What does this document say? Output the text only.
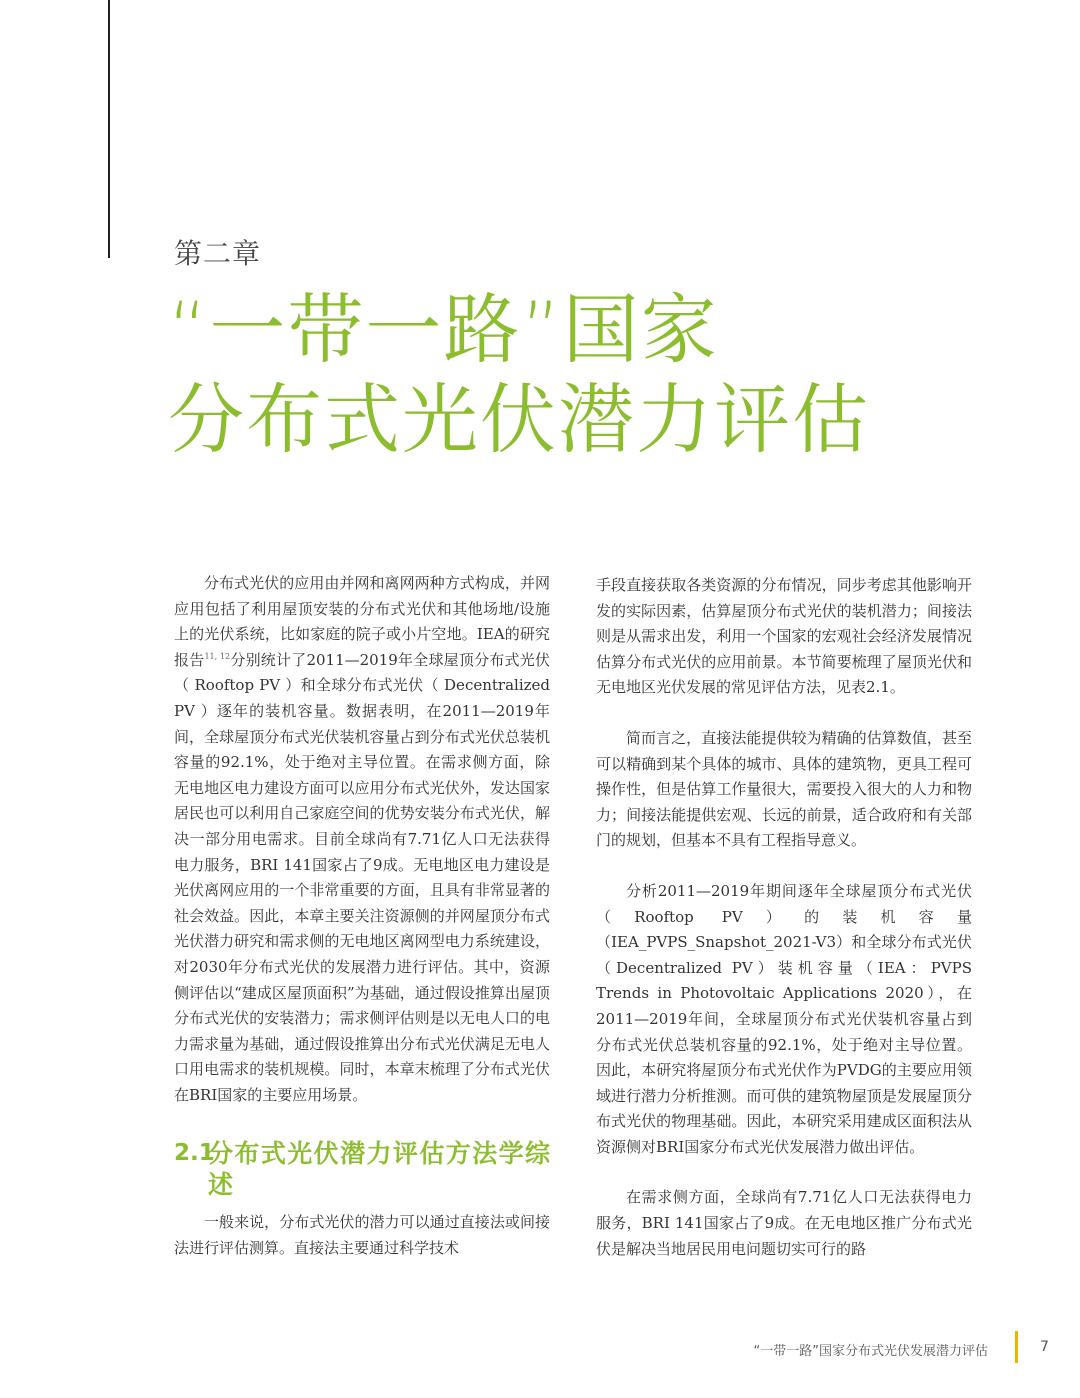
第二章
“一带一路”国家
分布式光伏潜力评估

分布式光伏的应用由并网和离网两种方式构成，并网应用包括了利用屋顶安装的分布式光伏和其他场地/设施上的光伏系统，比如家庭的院子或小片空地。IEA的研究报告$^{11, 12}$分别统计了2011—2019年全球屋顶分布式光伏（ Rooftop PV ）和全球分布式光伏（ Decentralized PV ）逐年的装机容量。数据表明，在2011—2019年间，全球屋顶分布式光伏装机容量占到分布式光伏总装机容量的92.1%，处于绝对主导位置。在需求侧方面，除无电地区电力建设方面可以应用分布式光伏外，发达国家居民也可以利用自己家庭空间的优势安装分布式光伏，解决一部分用电需求。目前全球尚有7.71亿人口无法获得电力服务，BRI 141国家占了9成。无电地区电力建设是光伏离网应用的一个非常重要的方面，且具有非常显著的社会效益。因此，本章主要关注资源侧的并网屋顶分布式光伏潜力研究和需求侧的无电地区离网型电力系统建设，对2030年分布式光伏的发展潜力进行评估。其中，资源侧评估以“建成区屋顶面积”为基础，通过假设推算出屋顶分布式光伏的安装潜力；需求侧评估则是以无电人口的电力需求量为基础，通过假设推算出分布式光伏满足无电人口用电需求的装机规模。同时，本章末梳理了分布式光伏在BRI国家的主要应用场景。

2.1
分布式光伏潜力评估方法学综述

一般来说，分布式光伏的潜力可以通过直接法或间接法进行评估测算。直接法主要通过科学技术

手段直接获取各类资源的分布情况，同步考虑其他影响开发的实际因素，估算屋顶分布式光伏的装机潜力；间接法则是从需求出发，利用一个国家的宏观社会经济发展情况估算分布式光伏的应用前景。本节简要梳理了屋顶光伏和无电地区光伏发展的常见评估方法，见表2.1。

简而言之，直接法能提供较为精确的估算数值，甚至可以精确到某个具体的城市、具体的建筑物，更具工程可操作性，但是估算工作量很大，需要投入很大的人力和物力；间接法能提供宏观、长远的前景，适合政府和有关部门的规划，但基本不具有工程指导意义。

分析2011—2019年期间逐年全球屋顶分布式光伏（Rooftop PV）的装机容量（IEA_PVPS_Snapshot_2021-V3）和全球分布式光伏（Decentralized PV）装机容量（IEA：PVPS Trends in Photovoltaic Applications 2020），在2011—2019年间，全球屋顶分布式光伏装机容量占到分布式光伏总装机容量的92.1%，处于绝对主导位置。因此，本研究将屋顶分布式光伏作为PVDG的主要应用领域进行潜力分析推测。而可供的建筑物屋顶是发展屋顶分布式光伏的物理基础。因此，本研究采用建成区面积法从资源侧对BRI国家分布式光伏发展潜力做出评估。

在需求侧方面，全球尚有7.71亿人口无法获得电力服务，BRI 141国家占了9成。在无电地区推广分布式光伏是解决当地居民用电问题切实可行的路

“一带一路”国家分布式光伏发展潜力评估	7
